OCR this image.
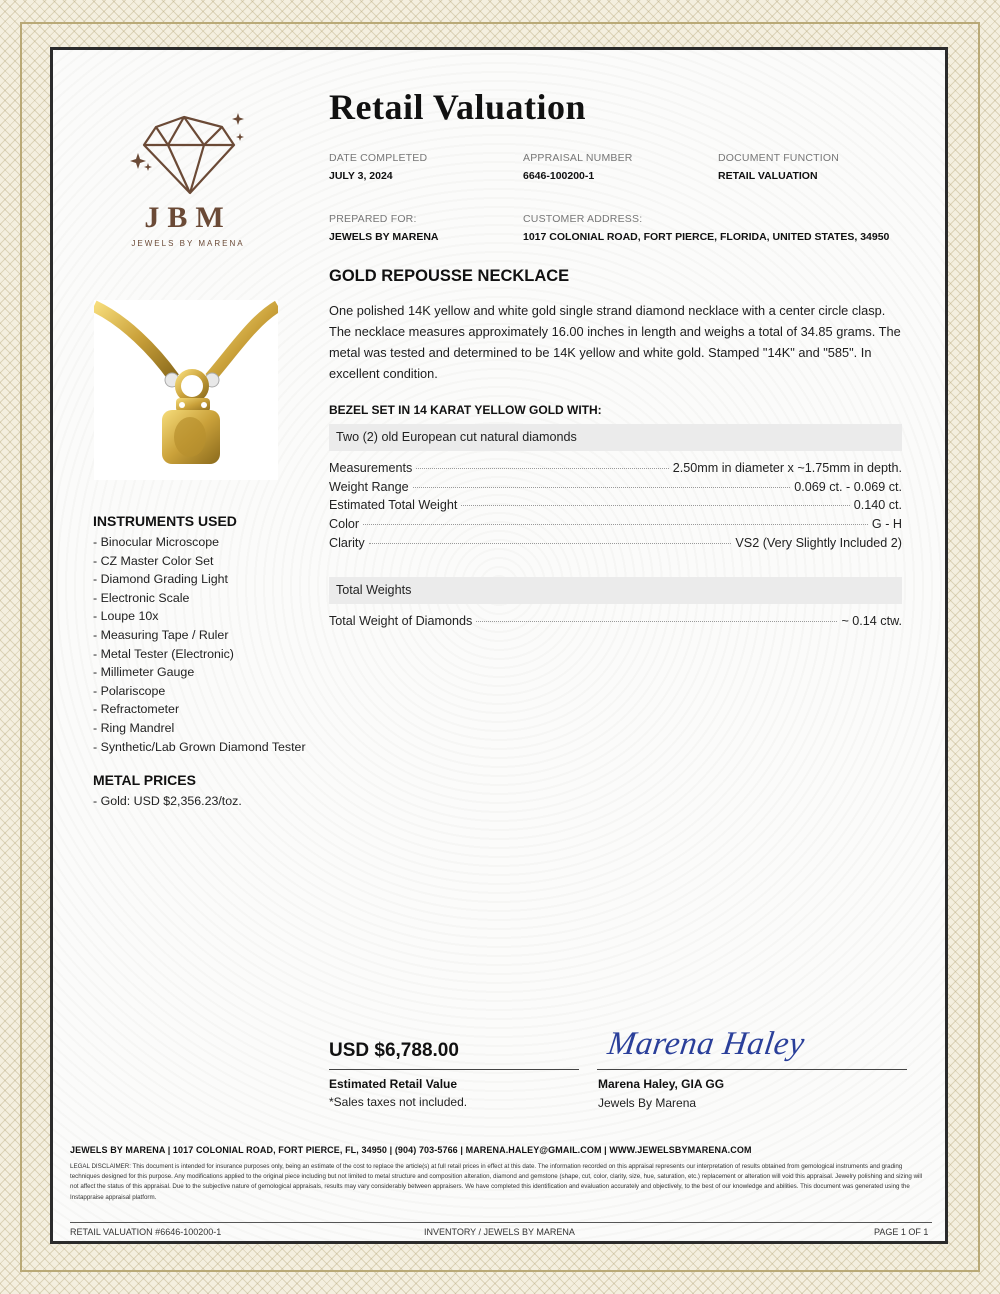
JBM
JEWELS BY MARENA
INSTRUMENTS USED
- Binocular Microscope
- CZ Master Color Set
- Diamond Grading Light
- Electronic Scale
- Loupe 10x
- Measuring Tape / Ruler
- Metal Tester (Electronic)
- Millimeter Gauge
- Polariscope
- Refractometer
- Ring Mandrel
- Synthetic/Lab Grown Diamond Tester
METAL PRICES
- Gold: USD $2,356.23/toz.
Retail Valuation
DATE COMPLETED
JULY 3, 2024
APPRAISAL NUMBER
6646-100200-1
DOCUMENT FUNCTION
RETAIL VALUATION
PREPARED FOR:
JEWELS BY MARENA
CUSTOMER ADDRESS:
1017 COLONIAL ROAD, FORT PIERCE, FLORIDA, UNITED STATES, 34950
GOLD REPOUSSE NECKLACE

One polished 14K yellow and white gold single strand diamond necklace with a center circle clasp. The necklace measures approximately 16.00 inches in length and weighs a total of 34.85 grams. The metal was tested and determined to be 14K yellow and white gold. Stamped "14K" and "585". In excellent condition.

BEZEL SET IN 14 KARAT YELLOW GOLD WITH:
Two (2) old European cut natural diamonds
Measurements	2.50mm in diameter x ~1.75mm in depth.
Weight Range	0.069 ct. - 0.069 ct.
Estimated Total Weight	0.140 ct.
Color	G - H
Clarity	VS2 (Very Slightly Included 2)
Total Weights
Total Weight of Diamonds	~ 0.14 ctw.
USD $6,788.00
Estimated Retail Value
*Sales taxes not included.
Marena Haley
Marena Haley, GIA GG
Jewels By Marena
JEWELS BY MARENA | 1017 COLONIAL ROAD, FORT PIERCE, FL, 34950 | (904) 703-5766 | MARENA.HALEY@GMAIL.COM | WWW.JEWELSBYMARENA.COM

LEGAL DISCLAIMER: This document is intended for insurance purposes only, being an estimate of the cost to replace the article(s) at full retail prices in effect at this date. The information recorded on this appraisal represents our interpretation of results obtained from gemological instruments and grading techniques designed for this purpose. Any modifications applied to the original piece including but not limited to metal structure and composition alteration, diamond and gemstone (shape, cut, color, clarity, size, hue, saturation, etc.) replacement or alteration will void this appraisal. Jewelry polishing and sizing will not affect the status of this appraisal. Due to the subjective nature of gemological appraisals, results may vary considerably between appraisers. We have completed this identification and evaluation accurately and objectively, to the best of our knowledge and abilities. This document was generated using the Instappraise appraisal platform.

RETAIL VALUATION #6646-100200-1	INVENTORY / JEWELS BY MARENA	PAGE 1 OF 1
